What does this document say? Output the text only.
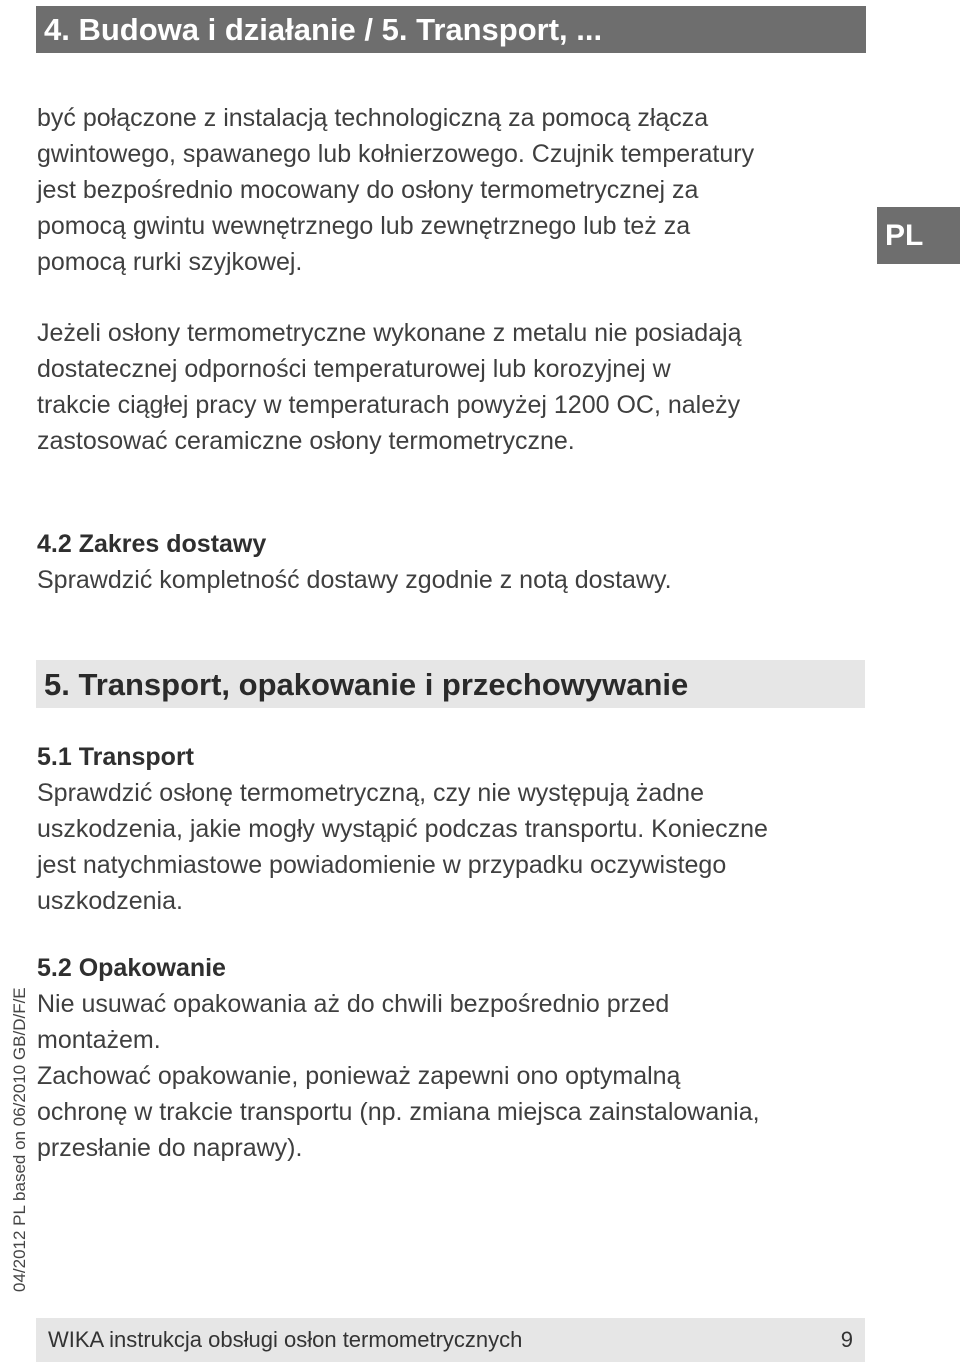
4. Budowa i działanie / 5. Transport, ...
PL
być połączone z instalacją technologiczną za pomocą złącza
gwintowego, spawanego lub kołnierzowego. Czujnik temperatury
jest bezpośrednio mocowany do osłony termometrycznej za
pomocą gwintu wewnętrznego lub zewnętrznego lub też za
pomocą rurki szyjkowej.
Jeżeli osłony termometryczne wykonane z metalu nie posiadają
dostatecznej odporności temperaturowej lub korozyjnej w
trakcie ciągłej pracy w temperaturach powyżej 1200 OC, należy
zastosować ceramiczne osłony termometryczne.
4.2 Zakres dostawy
Sprawdzić kompletność dostawy zgodnie z notą dostawy.
5. Transport, opakowanie i przechowywanie
5.1 Transport
Sprawdzić osłonę termometryczną, czy nie występują żadne
uszkodzenia, jakie mogły wystąpić podczas transportu. Konieczne
jest natychmiastowe powiadomienie w przypadku oczywistego
uszkodzenia.
5.2 Opakowanie
Nie usuwać opakowania aż do chwili bezpośrednio przed
montażem.
Zachować opakowanie, ponieważ zapewni ono optymalną
ochronę w trakcie transportu (np. zmiana miejsca zainstalowania,
przesłanie do naprawy).
04/2012 PL based on 06/2010 GB/D/F/E
WIKA instrukcja obsługi osłon termometrycznych	9
